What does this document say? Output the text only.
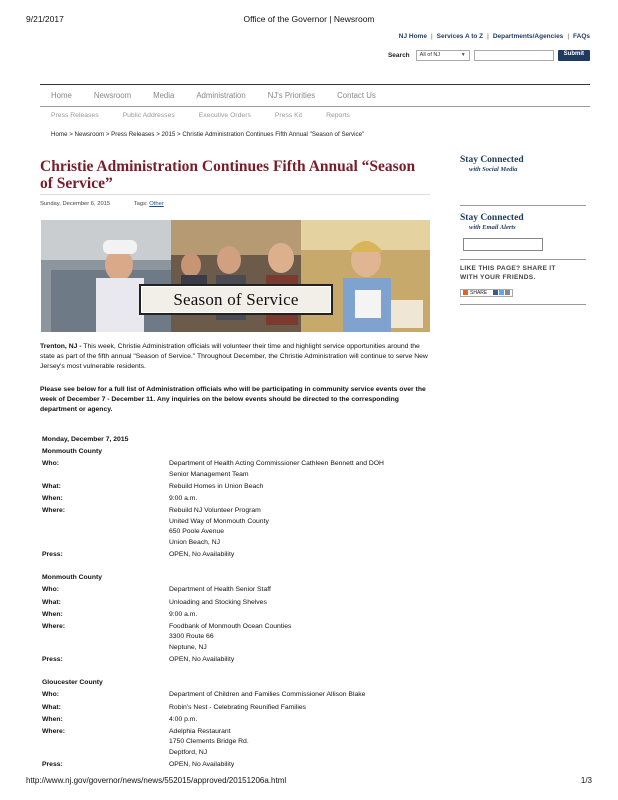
9/21/2017	Office of the Governor | Newsroom
NJ Home | Services A to Z | Departments/Agencies | FAQs
Search	All of NJ	▼	Submit
Home	Newsroom	Media	Administration	NJ's Priorities	Contact Us
Press Releases	Public Addresses	Executive Orders	Press Kit	Reports
Home > Newsroom > Press Releases > 2015 > Christie Administration Continues Fifth Annual "Season of Service"
Christie Administration Continues Fifth Annual “Season of Service”
Sunday, December 6, 2015	Tags: Other
Season of Service
Stay Connected
with Social Media
Stay Connected
with Email Alerts
LIKE THIS PAGE? SHARE IT
WITH YOUR FRIENDS.
SHARE

Trenton, NJ - This week, Christie Administration officials will volunteer their time and highlight service opportunities around the state as part of the fifth annual "Season of Service." Throughout December, the Christie Administration will continue to serve New Jersey's most vulnerable residents.

Please see below for a full list of Administration officials who will be participating in community service events over the week of December 7 - December 11. Any inquiries on the below events should be directed to the corresponding department or agency.

Monday, December 7, 2015
Monmouth County
Who:	Department of Health Acting Commissioner Cathleen Bennett and DOH
Senior Management Team
What:	Rebuild Homes in Union Beach
When:	9:00 a.m.
Where:	Rebuild NJ Volunteer Program
United Way of Monmouth County
650 Poole Avenue
Union Beach, NJ
Press:	OPEN, No Availability
Monmouth County
Who:	Department of Health Senior Staff
What:	Unloading and Stocking Shelves
When:	9:00 a.m.
Where:	Foodbank of Monmouth Ocean Counties
3300 Route 66
Neptune, NJ
Press:	OPEN, No Availability
Gloucester County
Who:	Department of Children and Families Commissioner Allison Blake
What:	Robin’s Nest - Celebrating Reunified Families
When:	4:00 p.m.
Where:	Adelphia Restaurant
1750 Clements Bridge Rd.
Deptford, NJ
Press:	OPEN, No Availability
http://www.nj.gov/governor/news/news/552015/approved/20151206a.html	1/3
